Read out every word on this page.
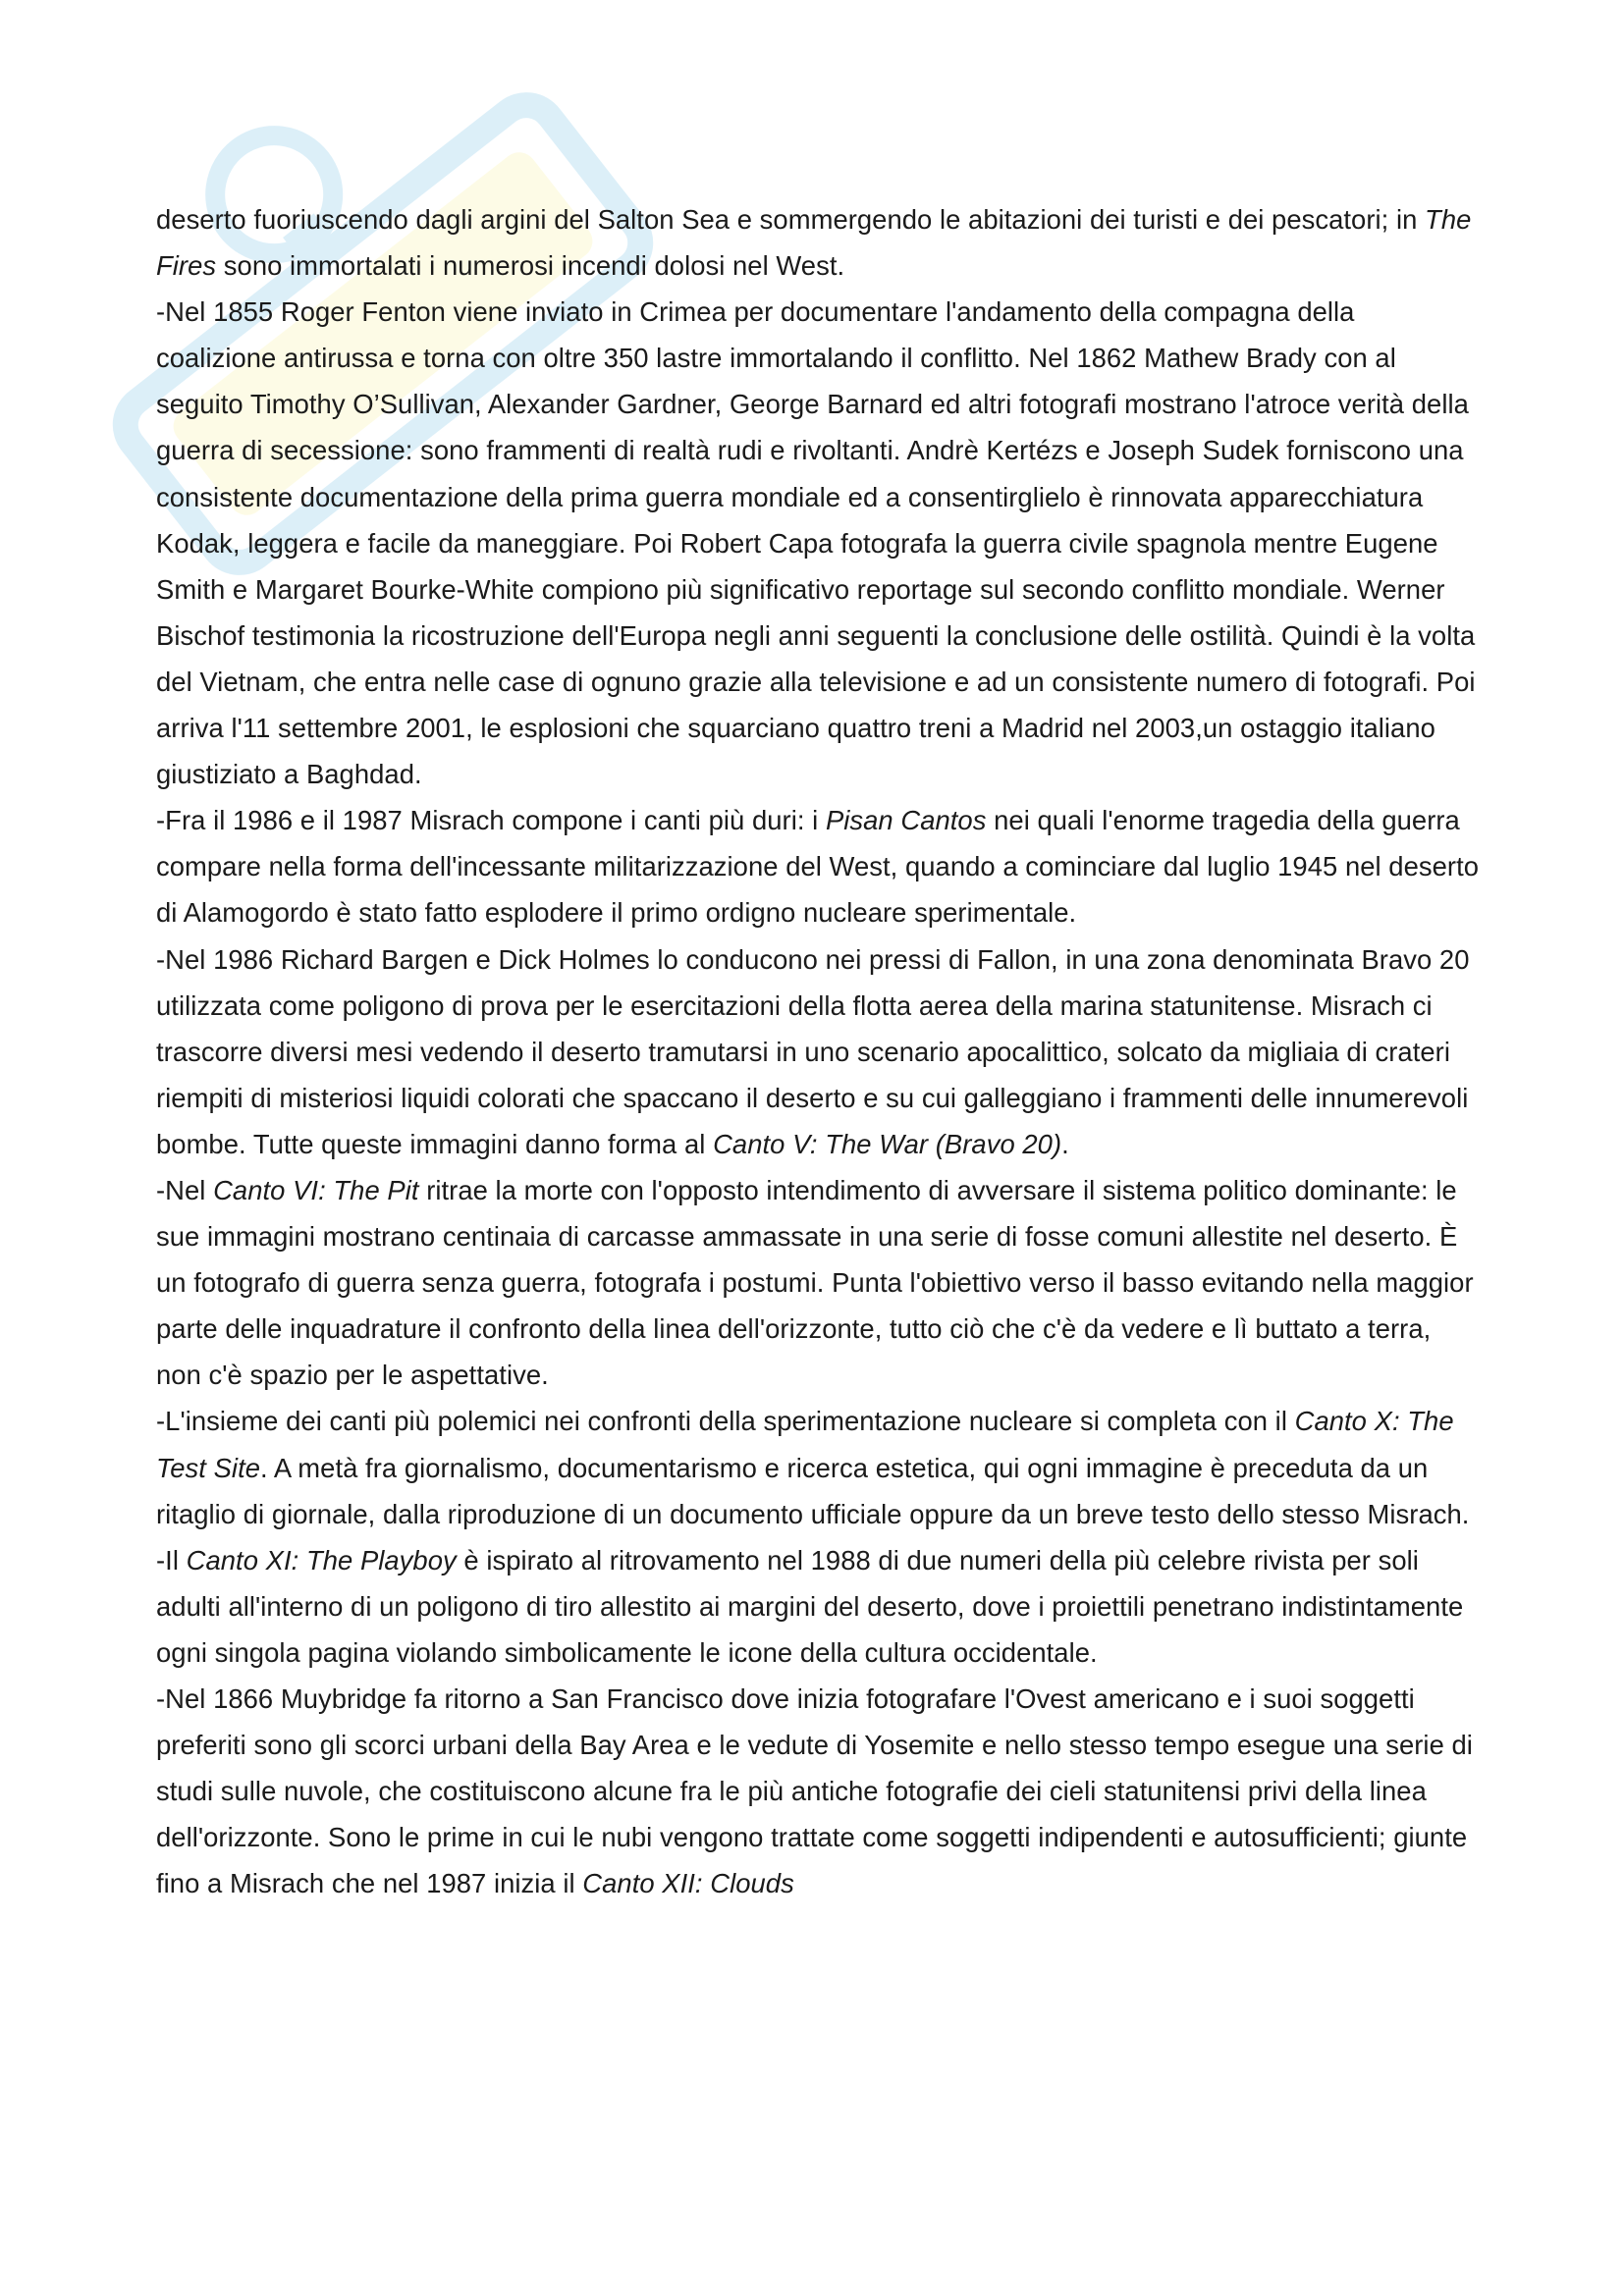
deserto fuoriuscendo dagli argini del Salton Sea e sommergendo le abitazioni dei turisti e dei pescatori; in The Fires sono immortalati i numerosi incendi dolosi nel West.

-Nel 1855 Roger Fenton viene inviato in Crimea per documentare l'andamento della compagna della coalizione antirussa e torna con oltre 350 lastre immortalando il conflitto. Nel 1862 Mathew Brady con al seguito Timothy O’Sullivan, Alexander Gardner, George Barnard ed altri fotografi mostrano l'atroce verità della guerra di secessione: sono frammenti di realtà rudi e rivoltanti. Andrè Kertézs e Joseph Sudek forniscono una consistente documentazione della prima guerra mondiale ed a consentirglielo è rinnovata apparecchiatura Kodak, leggera e facile da maneggiare. Poi Robert Capa fotografa la guerra civile spagnola mentre Eugene Smith e Margaret Bourke-White compiono più significativo reportage sul secondo conflitto mondiale. Werner Bischof testimonia la ricostruzione dell'Europa negli anni seguenti la conclusione delle ostilità. Quindi è la volta del Vietnam, che entra nelle case di ognuno grazie alla televisione e ad un consistente numero di fotografi. Poi arriva l'11 settembre 2001, le esplosioni che squarciano quattro treni a Madrid nel 2003,un ostaggio italiano giustiziato a Baghdad.

-Fra il 1986 e il 1987 Misrach compone i canti più duri: i Pisan Cantos nei quali l'enorme tragedia della guerra compare nella forma dell'incessante militarizzazione del West, quando a cominciare dal luglio 1945 nel deserto di Alamogordo è stato fatto esplodere il primo ordigno nucleare sperimentale.

-Nel 1986 Richard Bargen e Dick Holmes lo conducono nei pressi di Fallon, in una zona denominata Bravo 20 utilizzata come poligono di prova per le esercitazioni della flotta aerea della marina statunitense. Misrach ci trascorre diversi mesi vedendo il deserto tramutarsi in uno scenario apocalittico, solcato da migliaia di crateri riempiti di misteriosi liquidi colorati che spaccano il deserto e su cui galleggiano i frammenti delle innumerevoli bombe. Tutte queste immagini danno forma al Canto V: The War (Bravo 20).

-Nel Canto VI: The Pit ritrae la morte con l'opposto intendimento di avversare il sistema politico dominante: le sue immagini mostrano centinaia di carcasse ammassate in una serie di fosse comuni allestite nel deserto. È un fotografo di guerra senza guerra, fotografa i postumi. Punta l'obiettivo verso il basso evitando nella maggior parte delle inquadrature il confronto della linea dell'orizzonte, tutto ciò che c'è da vedere e lì buttato a terra, non c'è spazio per le aspettative.

-L'insieme dei canti più polemici nei confronti della sperimentazione nucleare si completa con il Canto X: The Test Site. A metà fra giornalismo, documentarismo e ricerca estetica, qui ogni immagine è preceduta da un ritaglio di giornale, dalla riproduzione di un documento ufficiale oppure da un breve testo dello stesso Misrach.

-Il Canto XI: The Playboy è ispirato al ritrovamento nel 1988 di due numeri della più celebre rivista per soli adulti all'interno di un poligono di tiro allestito ai margini del deserto, dove i proiettili penetrano indistintamente ogni singola pagina violando simbolicamente le icone della cultura occidentale.

-Nel 1866 Muybridge fa ritorno a San Francisco dove inizia fotografare l'Ovest americano e i suoi soggetti preferiti sono gli scorci urbani della Bay Area e le vedute di Yosemite e nello stesso tempo esegue una serie di studi sulle nuvole, che costituiscono alcune fra le più antiche fotografie dei cieli statunitensi privi della linea dell'orizzonte. Sono le prime in cui le nubi vengono trattate come soggetti indipendenti e autosufficienti; giunte fino a Misrach che nel 1987 inizia il Canto XII: Clouds
